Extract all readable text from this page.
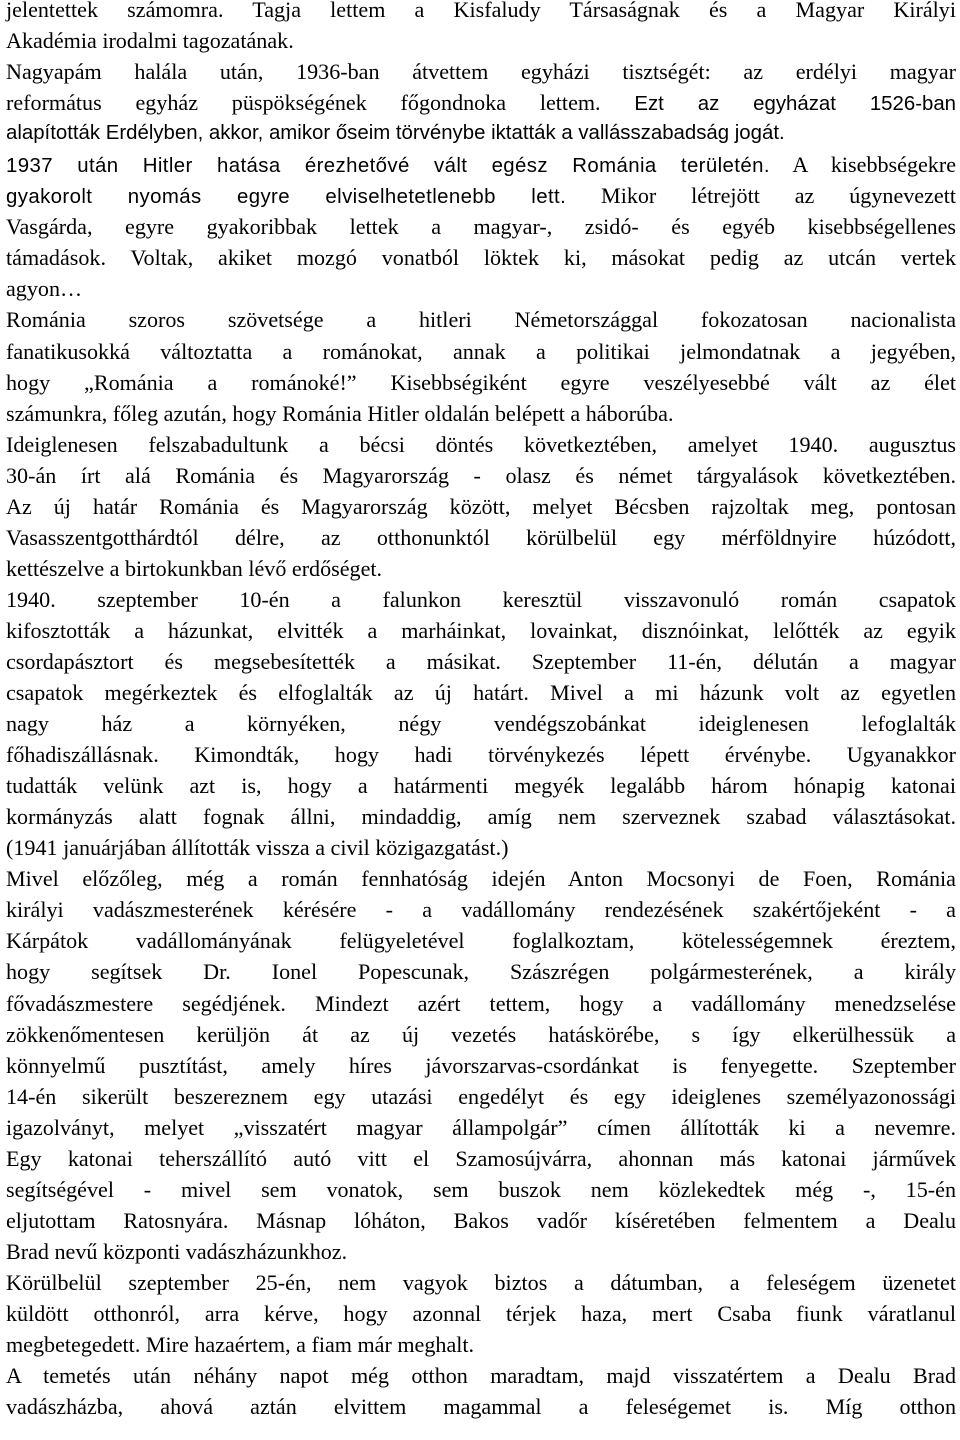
jelentettek számomra. Tagja lettem a Kisfaludy Társaságnak és a Magyar Királyi
Akadémia irodalmi tagozatának.
Nagyapám halála után, 1936-ban átvettem egyházi tisztségét: az erdélyi magyar
református egyház püspökségének főgondnoka lettem. Ezt az egyházat 1526-ban
alapították Erdélyben, akkor, amikor őseim törvénybe iktatták a vallásszabadság jogát.
1937 után Hitler hatása érezhetővé vált egész Románia területén. A kisebbségekre
gyakorolt nyomás egyre elviselhetetlenebb lett. Mikor létrejött az úgynevezett
Vasgárda, egyre gyakoribbak lettek a magyar-, zsidó- és egyéb kisebbségellenes
támadások. Voltak, akiket mozgó vonatból löktek ki, másokat pedig az utcán vertek
agyon…
Románia szoros szövetsége a hitleri Németországgal fokozatosan nacionalista
fanatikusokká változtatta a románokat, annak a politikai jelmondatnak a jegyében,
hogy „Románia a románoké!” Kisebbségiként egyre veszélyesebbé vált az élet
számunkra, főleg azután, hogy Románia Hitler oldalán belépett a háborúba.
Ideiglenesen felszabadultunk a bécsi döntés következtében, amelyet 1940. augusztus
30-án írt alá Románia és Magyarország - olasz és német tárgyalások következtében.
Az új határ Románia és Magyarország között, melyet Bécsben rajzoltak meg, pontosan
Vasasszentgotthárdtól délre, az otthonunktól körülbelül egy mérföldnyire húzódott,
kettészelve a birtokunkban lévő erdőséget.
1940. szeptember 10-én a falunkon keresztül visszavonuló román csapatok
kifosztották a házunkat, elvitték a marháinkat, lovainkat, disznóinkat, lelőtték az egyik
csordapásztort és megsebesítették a másikat. Szeptember 11-én, délután a magyar
csapatok megérkeztek és elfoglalták az új határt. Mivel a mi házunk volt az egyetlen
nagy ház a környéken, négy vendégszobánkat ideiglenesen lefoglalták
főhadiszállásnak. Kimondták, hogy hadi törvénykezés lépett érvénybe. Ugyanakkor
tudatták velünk azt is, hogy a határmenti megyék legalább három hónapig katonai
kormányzás alatt fognak állni, mindaddig, amíg nem szerveznek szabad választásokat.
(1941 januárjában állították vissza a civil közigazgatást.)
Mivel előzőleg, még a román fennhatóság idején Anton Mocsonyi de Foen, Románia
királyi vadászmesterének kérésére - a vadállomány rendezésének szakértőjeként - a
Kárpátok vadállományának felügyeletével foglalkoztam, kötelességemnek éreztem,
hogy segítsek Dr. Ionel Popescunak, Szászrégen polgármesterének, a király
fővadászmestere segédjének. Mindezt azért tettem, hogy a vadállomány menedzselése
zökkenőmentesen kerüljön át az új vezetés hatáskörébe, s így elkerülhessük a
könnyelmű pusztítást, amely híres jávorszarvas-csordánkat is fenyegette. Szeptember
14-én sikerült beszereznem egy utazási engedélyt és egy ideiglenes személyazonossági
igazolványt, melyet „visszatért magyar állampolgár” címen állították ki a nevemre.
Egy katonai teherszállító autó vitt el Szamosújvárra, ahonnan más katonai járművek
segítségével - mivel sem vonatok, sem buszok nem közlekedtek még -, 15-én
eljutottam Ratosnyára. Másnap lóháton, Bakos vadőr kíséretében felmentem a Dealu
Brad nevű központi vadászházunkhoz.
Körülbelül szeptember 25-én, nem vagyok biztos a dátumban, a feleségem üzenetet
küldött otthonról, arra kérve, hogy azonnal térjek haza, mert Csaba fiunk váratlanul
megbetegedett. Mire hazaértem, a fiam már meghalt.
A temetés után néhány napot még otthon maradtam, majd visszatértem a Dealu Brad
vadászházba, ahová aztán elvittem magammal a feleségemet is. Míg otthon
